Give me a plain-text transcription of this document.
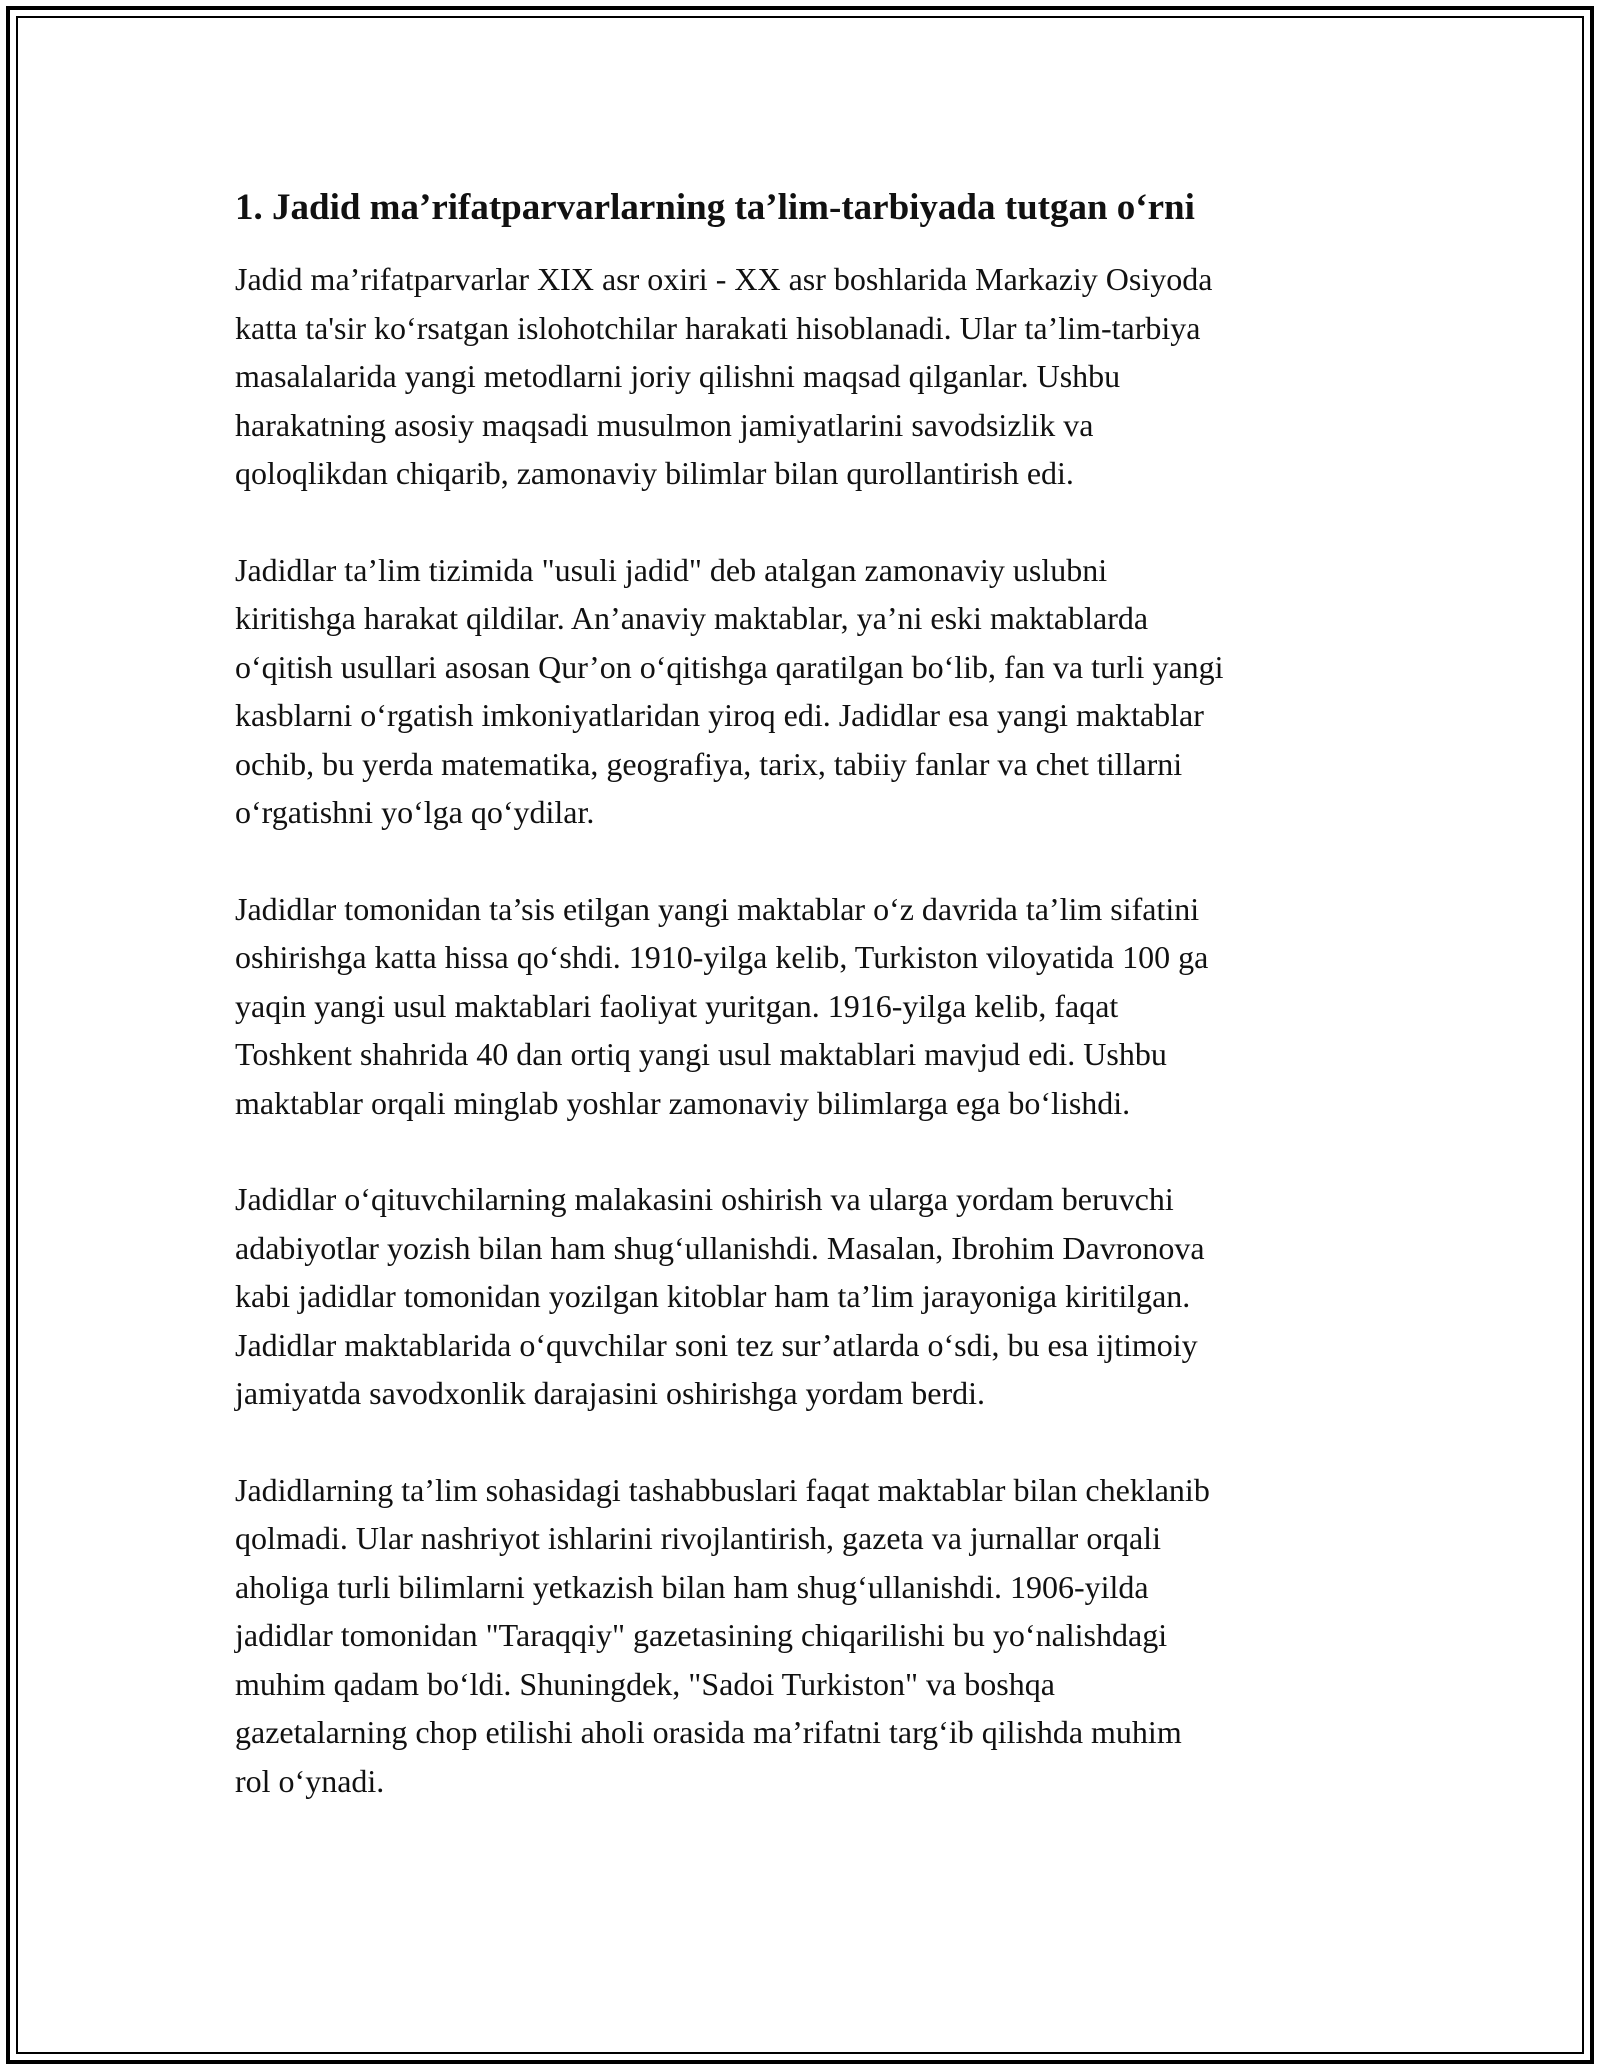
1. Jadid ma’rifatparvarlarning ta’lim-tarbiyada tutgan o‘rni

Jadid ma’rifatparvarlar XIX asr oxiri - XX asr boshlarida Markaziy Osiyoda
katta ta'sir ko‘rsatgan islohotchilar harakati hisoblanadi. Ular ta’lim-tarbiya
masalalarida yangi metodlarni joriy qilishni maqsad qilganlar. Ushbu
harakatning asosiy maqsadi musulmon jamiyatlarini savodsizlik va
qoloqlikdan chiqarib, zamonaviy bilimlar bilan qurollantirish edi.

Jadidlar ta’lim tizimida "usuli jadid" deb atalgan zamonaviy uslubni
kiritishga harakat qildilar. An’anaviy maktablar, ya’ni eski maktablarda
o‘qitish usullari asosan Qur’on o‘qitishga qaratilgan bo‘lib, fan va turli yangi
kasblarni o‘rgatish imkoniyatlaridan yiroq edi. Jadidlar esa yangi maktablar
ochib, bu yerda matematika, geografiya, tarix, tabiiy fanlar va chet tillarni
o‘rgatishni yo‘lga qo‘ydilar.

Jadidlar tomonidan ta’sis etilgan yangi maktablar o‘z davrida ta’lim sifatini
oshirishga katta hissa qo‘shdi. 1910-yilga kelib, Turkiston viloyatida 100 ga
yaqin yangi usul maktablari faoliyat yuritgan. 1916-yilga kelib, faqat
Toshkent shahrida 40 dan ortiq yangi usul maktablari mavjud edi. Ushbu
maktablar orqali minglab yoshlar zamonaviy bilimlarga ega bo‘lishdi.

Jadidlar o‘qituvchilarning malakasini oshirish va ularga yordam beruvchi
adabiyotlar yozish bilan ham shug‘ullanishdi. Masalan, Ibrohim Davronova
kabi jadidlar tomonidan yozilgan kitoblar ham ta’lim jarayoniga kiritilgan.
Jadidlar maktablarida o‘quvchilar soni tez sur’atlarda o‘sdi, bu esa ijtimoiy
jamiyatda savodxonlik darajasini oshirishga yordam berdi.

Jadidlarning ta’lim sohasidagi tashabbuslari faqat maktablar bilan cheklanib
qolmadi. Ular nashriyot ishlarini rivojlantirish, gazeta va jurnallar orqali
aholiga turli bilimlarni yetkazish bilan ham shug‘ullanishdi. 1906-yilda
jadidlar tomonidan "Taraqqiy" gazetasining chiqarilishi bu yo‘nalishdagi
muhim qadam bo‘ldi. Shuningdek, "Sadoi Turkiston" va boshqa
gazetalarning chop etilishi aholi orasida ma’rifatni targ‘ib qilishda muhim
rol o‘ynadi.
